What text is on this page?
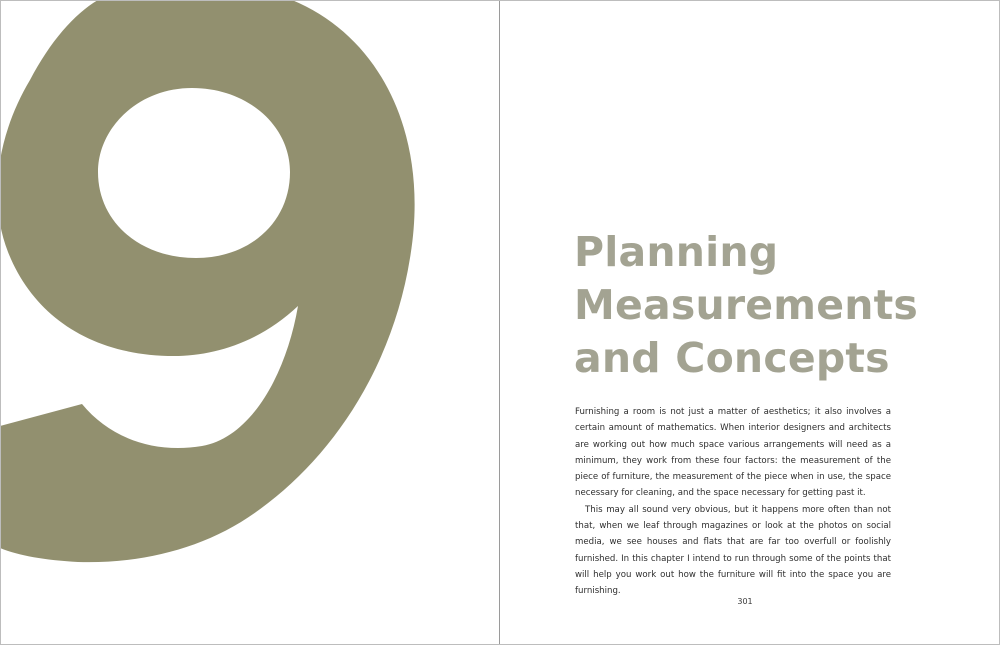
Planning
Measurements
and Concepts

Furnishing a room is not just a matter of aesthetics; it also involves a certain amount of mathematics. When interior designers and architects are working out how much space various arrangements will need as a minimum, they work from these four factors: the measurement of the piece of furniture, the measurement of the piece when in use, the space necessary for cleaning, and the space necessary for getting past it.

This may all sound very obvious, but it happens more often than not that, when we leaf through magazines or look at the photos on social media, we see houses and flats that are far too overfull or foolishly furnished. In this chapter I intend to run through some of the points that will help you work out how the furniture will fit into the space you are furnishing.

301
